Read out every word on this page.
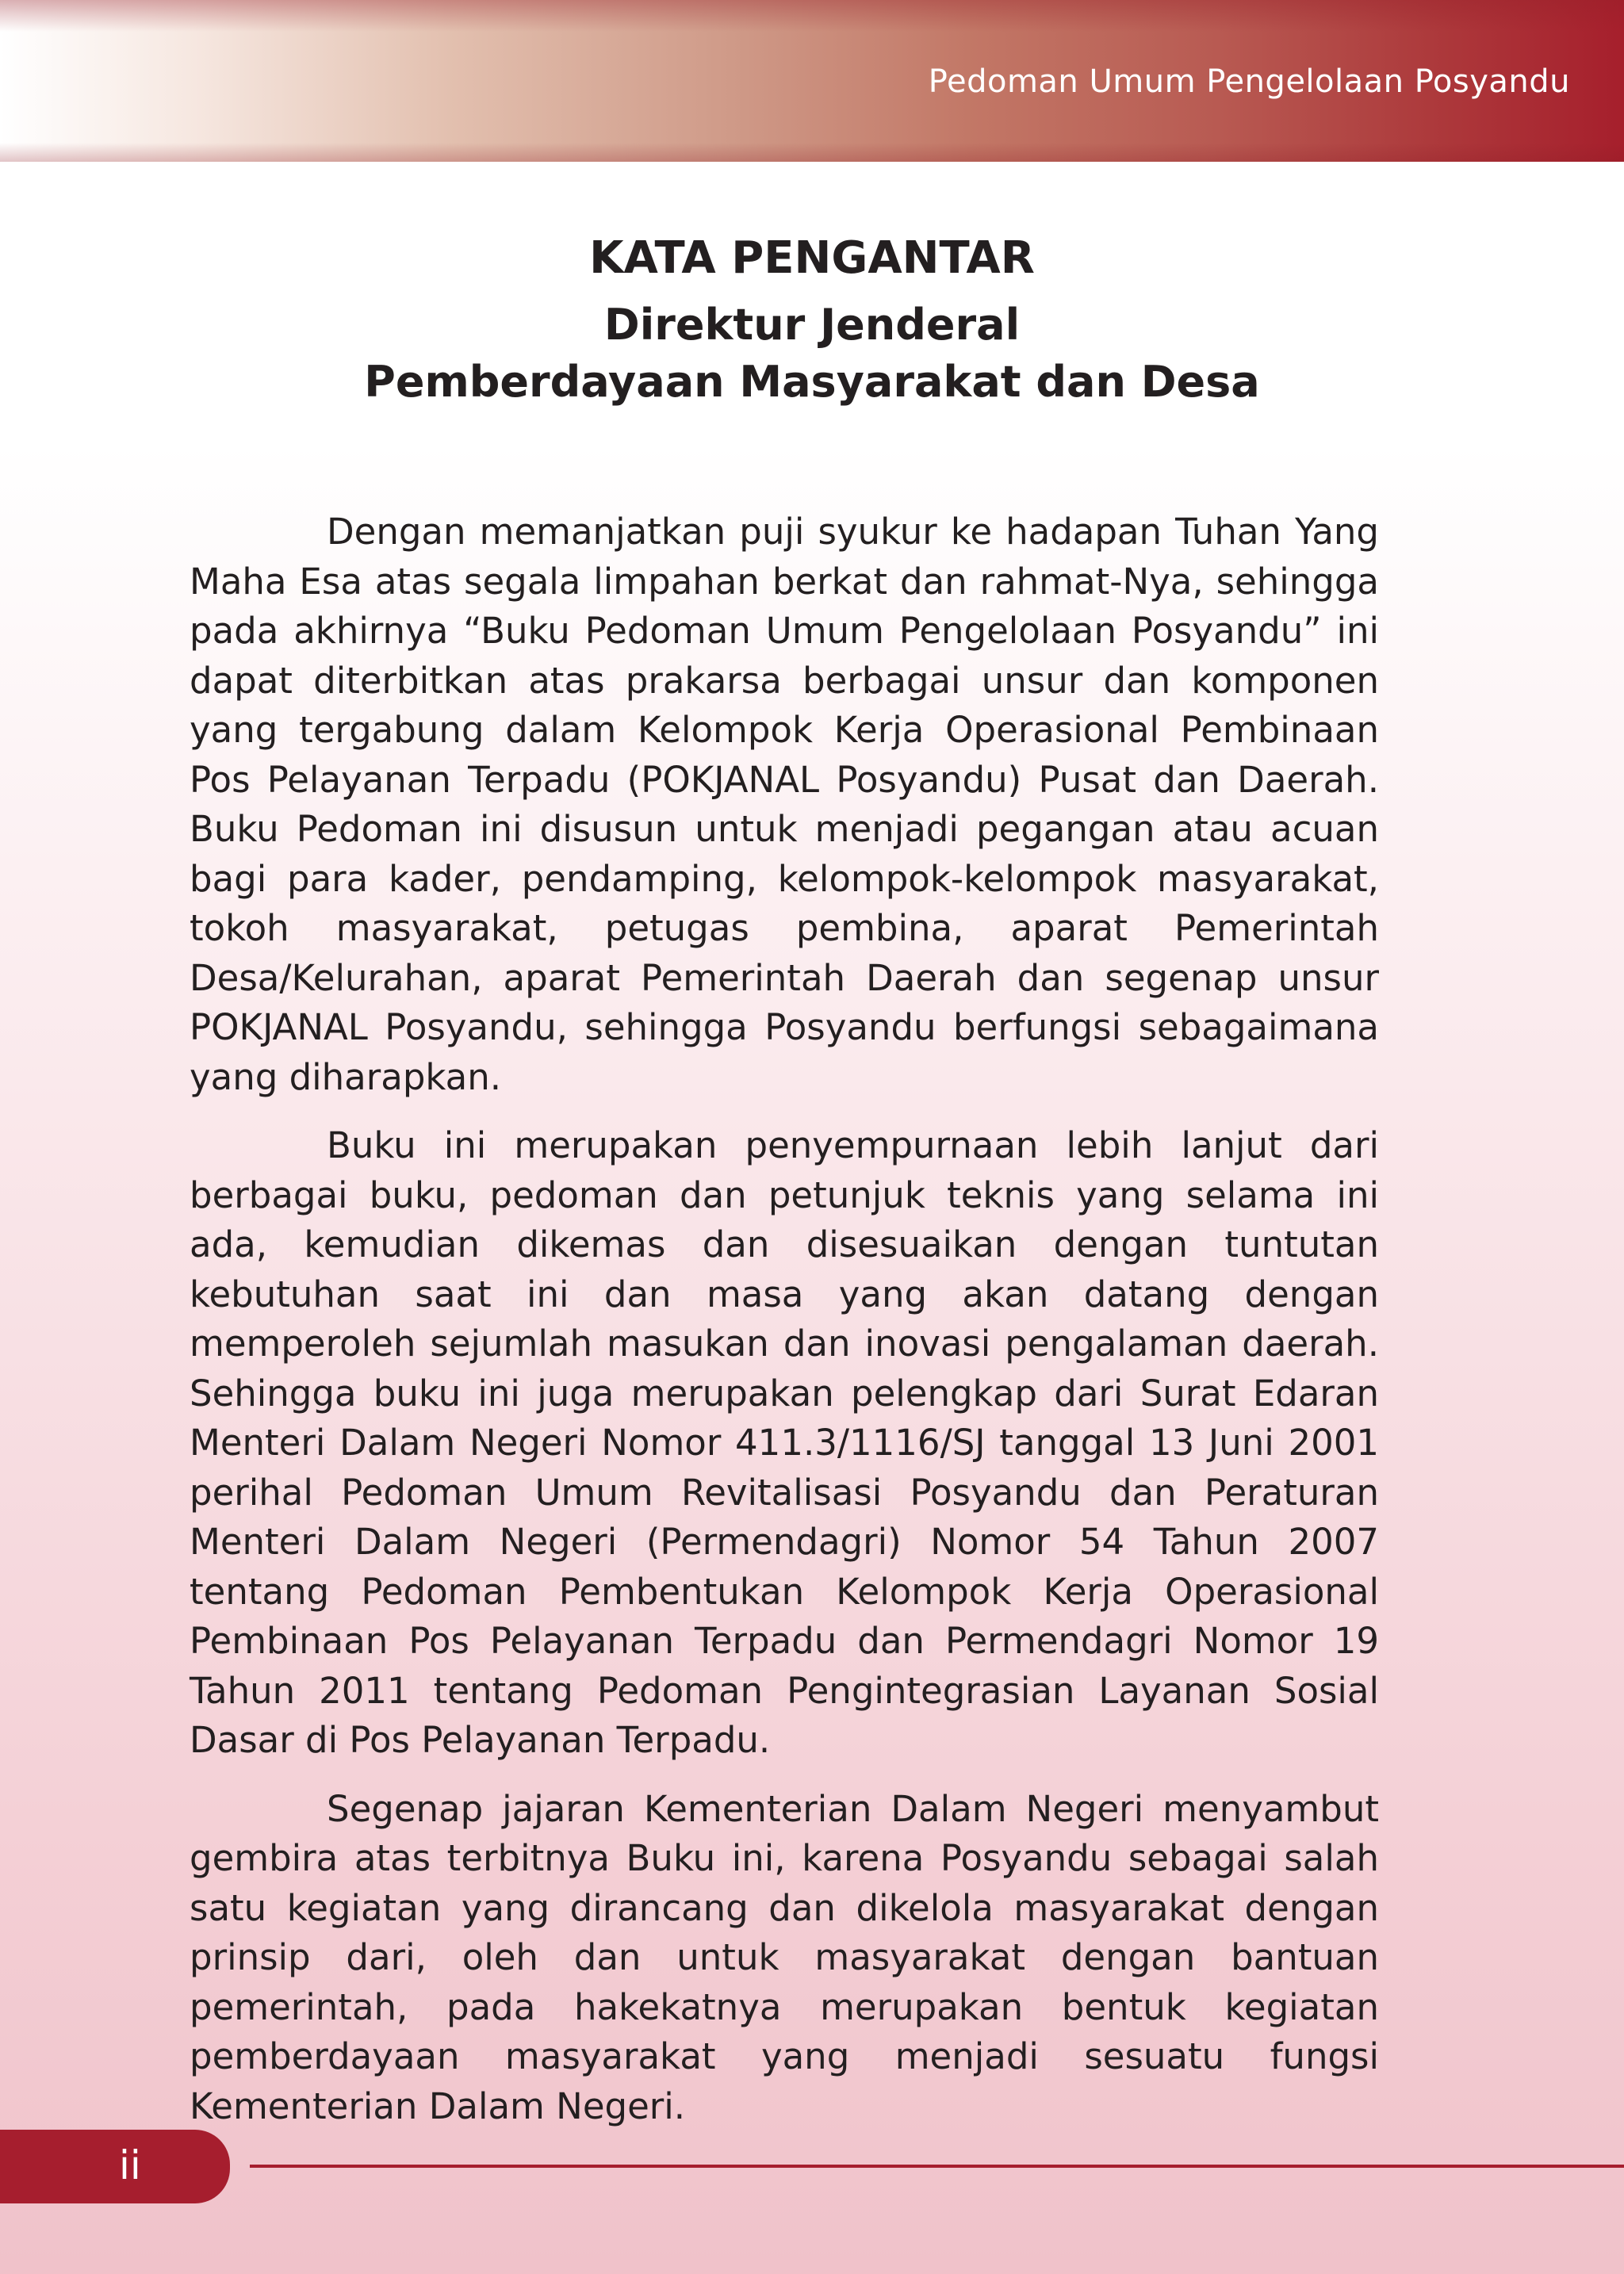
Pedoman Umum Pengelolaan Posyandu
KATA PENGANTAR
Direktur Jenderal
Pemberdayaan Masyarakat dan Desa

Dengan memanjatkan puji syukur ke hadapan Tuhan Yang Maha Esa atas segala limpahan berkat dan rahmat-Nya, sehingga pada akhirnya “Buku Pedoman Umum Pengelolaan Posyandu” ini dapat diterbitkan atas prakarsa berbagai unsur dan komponen yang tergabung dalam Kelompok Kerja Operasional Pembinaan Pos Pelayanan Terpadu (POKJANAL Posyandu) Pusat dan Daerah. Buku Pedoman ini disusun untuk menjadi pegangan atau acuan bagi para kader, pendamping, kelompok-kelompok masyarakat, tokoh masyarakat, petugas pembina, aparat Pemerintah Desa/Kelurahan, aparat Pemerintah Daerah dan segenap unsur POKJANAL Posyandu, sehingga Posyandu berfungsi sebagaimana yang diharapkan.

Buku ini merupakan penyempurnaan lebih lanjut dari berbagai buku, pedoman dan petunjuk teknis yang selama ini ada, kemudian dikemas dan disesuaikan dengan tuntutan kebutuhan saat ini dan masa yang akan datang dengan memperoleh sejumlah masukan dan inovasi pengalaman daerah. Sehingga buku ini juga merupakan pelengkap dari Surat Edaran Menteri Dalam Negeri Nomor 411.3/1116/SJ tanggal 13 Juni 2001 perihal Pedoman Umum Revitalisasi Posyandu dan Peraturan Menteri Dalam Negeri (Permendagri) Nomor 54 Tahun 2007 tentang Pedoman Pembentukan Kelompok Kerja Operasional Pembinaan Pos Pelayanan Terpadu dan Permendagri Nomor 19 Tahun 2011 tentang Pedoman Pengintegrasian Layanan Sosial Dasar di Pos Pelayanan Terpadu.

Segenap jajaran Kementerian Dalam Negeri menyambut gembira atas terbitnya Buku ini, karena Posyandu sebagai salah satu kegiatan yang dirancang dan dikelola masyarakat dengan prinsip dari, oleh dan untuk masyarakat dengan bantuan pemerintah, pada hakekatnya merupakan bentuk kegiatan pemberdayaan masyarakat yang menjadi sesuatu fungsi Kementerian Dalam Negeri.

ii
